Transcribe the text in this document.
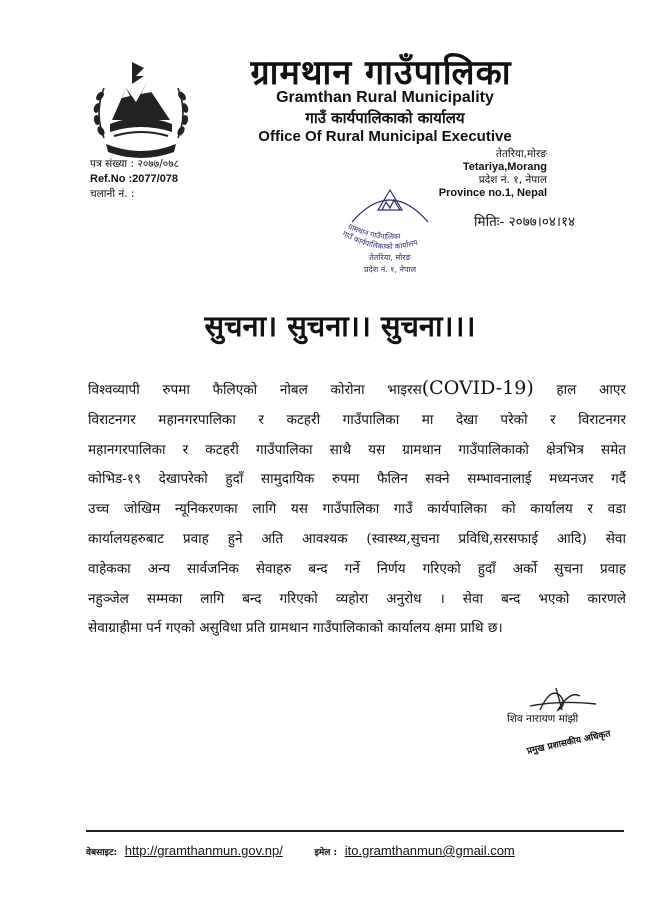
ग्रामथान गाउँपालिका
Gramthan Rural Municipality
गाउँ कार्यपालिकाको कार्यालय
Office Of Rural Municipal Executive
पत्र संख्या : २०७७/०७८
Ref.No :2077/078
चलानी नं. :
तेतरिया,मोरङ
Tetariya,Morang
प्रदेश नं. १, नेपाल
Province no.1, Nepal
ग्रामथान गाउँपालिका
गाउँ कार्यपालिकाको कार्यालय
तेतरिया, मोरङ
प्रदेश नं. १, नेपाल
मितिः- २०७७।०४।१४
सुचना। सुचना।। सुचना।।।

विश्वव्यापी रुपमा फैलिएको नोबल कोरोना भाइरस(COVID-19) हाल आएर

विराटनगर महानगरपालिका र कटहरी गाउँपालिका मा देखा परेको र विराटनगर

महानगरपालिका र कटहरी गाउँपालिका साथै यस ग्रामथान गाउँपालिकाको क्षेत्रभित्र समेत

कोभिड-१९ देखापरेको हुदाँ सामुदायिक रुपमा फैलिन सक्ने सम्भावनालाई मध्यनजर गर्दै

उच्च जोखिम न्यूनिकरणका लागि यस गाउँपालिका गाउँ कार्यपालिका को कार्यालय र वडा

कार्यालयहरुबाट प्रवाह हुने अति आवश्यक (स्वास्थ्य,सुचना प्रविधि,सरसफाई आदि) सेवा

वाहेकका अन्य सार्वजनिक सेवाहरु बन्द गर्ने निर्णय गरिएको हुदाँ अर्को सुचना प्रवाह

नहुञ्जेल सम्मका लागि बन्द गरिएको व्यहोरा अनुरोध । सेवा बन्द भएको कारणले

सेवाग्राहीमा पर्न गएको असुविधा प्रति ग्रामथान गाउँपालिकाको कार्यालय क्षमा प्राथि छ।

शिव नारायण मांझी
प्रमुख प्रशासकीय अधिकृत
वेबसाइट: http://gramthanmun.gov.np/	इमेल : ito.gramthanmun@gmail.com
